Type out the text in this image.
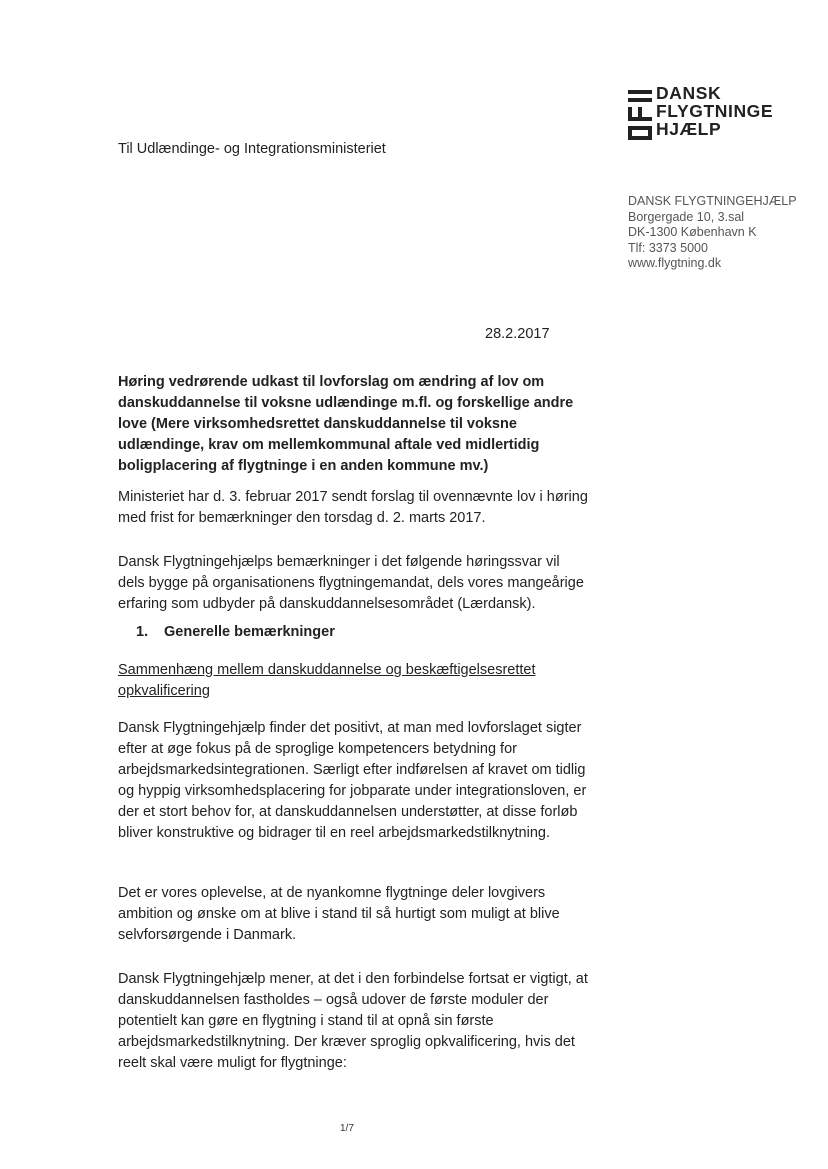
DANSK
FLYGTNINGE
HJÆLP
Til Udlændinge- og Integrationsministeriet
DANSK FLYGTNINGEHJÆLP
Borgergade 10, 3.sal
DK-1300 København K
Tlf: 3373 5000
www.flygtning.dk
28.2.2017
Høring vedrørende udkast til lovforslag om ændring af lov om danskuddannelse til voksne udlændinge m.fl. og forskellige andre love (Mere virksomhedsrettet danskuddannelse til voksne udlændinge, krav om mellemkommunal aftale ved midlertidig boligplacering af flygtninge i en anden kommune mv.)
Ministeriet har d. 3. februar 2017 sendt forslag til ovennævnte lov i høring med frist for bemærkninger den torsdag d. 2. marts 2017.
Dansk Flygtningehjælps bemærkninger i det følgende høringssvar vil dels bygge på organisationens flygtningemandat, dels vores mangeårige erfaring som udbyder på danskuddannelsesområdet (Lærdansk).
1. Generelle bemærkninger
Sammenhæng mellem danskuddannelse og beskæftigelsesrettet opkvalificering
Dansk Flygtningehjælp finder det positivt, at man med lovforslaget sigter efter at øge fokus på de sproglige kompetencers betydning for arbejdsmarkedsintegrationen. Særligt efter indførelsen af kravet om tidlig og hyppig virksomhedsplacering for jobparate under integrationsloven, er der et stort behov for, at danskuddannelsen understøtter, at disse forløb bliver konstruktive og bidrager til en reel arbejdsmarkedstilknytning.
Det er vores oplevelse, at de nyankomne flygtninge deler lovgivers ambition og ønske om at blive i stand til så hurtigt som muligt at blive selvforsørgende i Danmark.
Dansk Flygtningehjælp mener, at det i den forbindelse fortsat er vigtigt, at danskuddannelsen fastholdes – også udover de første moduler der potentielt kan gøre en flygtning i stand til at opnå sin første arbejdsmarkedstilknytning. Der kræver sproglig opkvalificering, hvis det reelt skal være muligt for flygtninge:
1/7
